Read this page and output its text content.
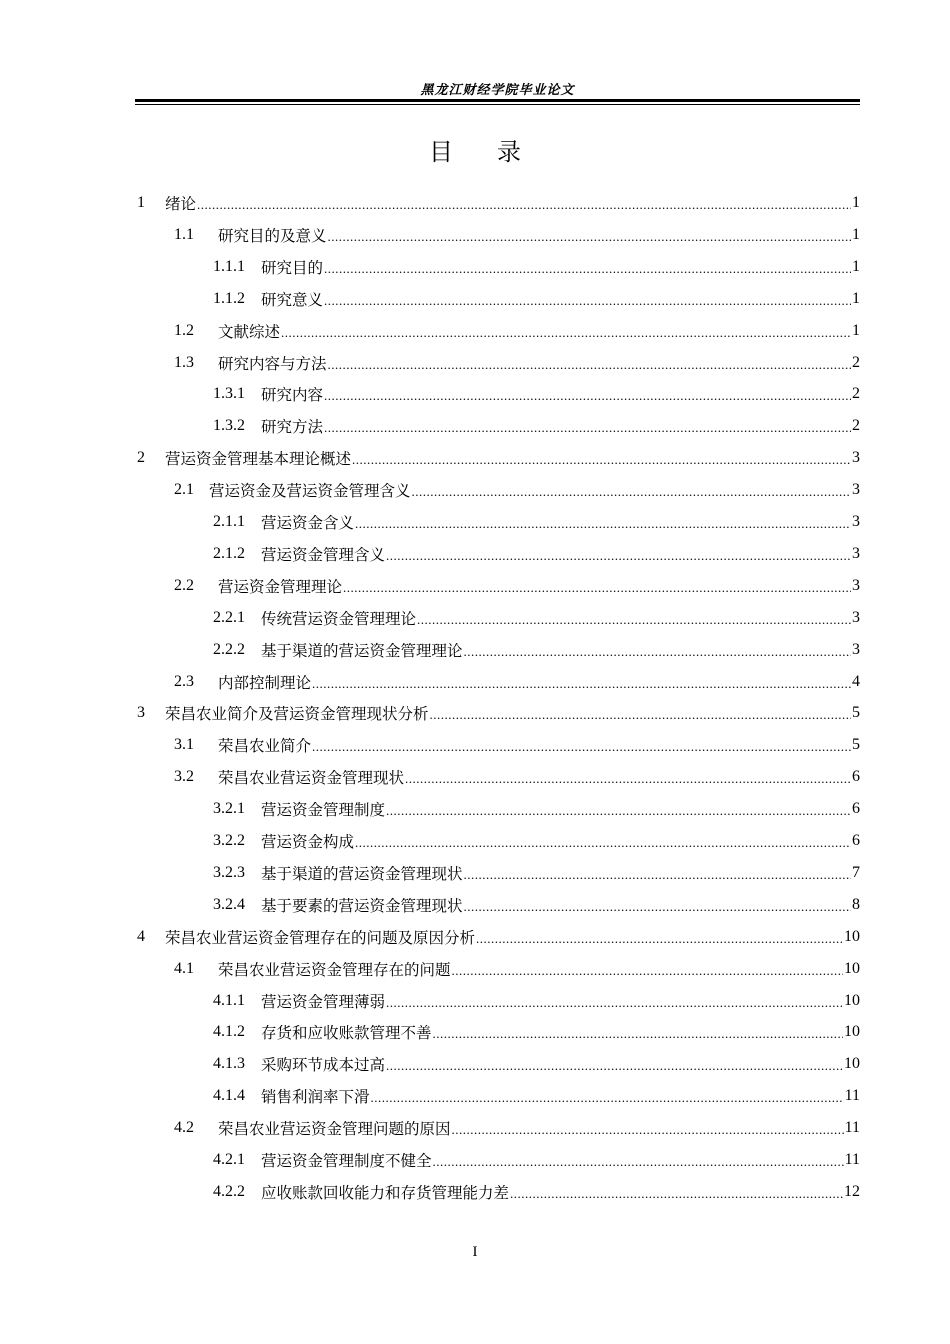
黑龙江财经学院毕业论文
目 录
1	绪论 .....	1
1.1	研究目的及意义 .....	1
1.1.1	研究目的 .....	1
1.1.2	研究意义 .....	1
1.2	文献综述 .....	1
1.3	研究内容与方法 .....	2
1.3.1	研究内容 .....	2
1.3.2	研究方法 .....	2
2	营运资金管理基本理论概述 .....	3
2.1 营运资金及营运资金管理含义 .....	3
2.1.1	营运资金含义 .....	3
2.1.2	营运资金管理含义 .....	3
2.2	营运资金管理理论 .....	3
2.2.1	传统营运资金管理理论 .....	3
2.2.2	基于渠道的营运资金管理理论 .....	3
2.3	内部控制理论 .....	4
3	荣昌农业简介及营运资金管理现状分析 .....	5
3.1	荣昌农业简介 .....	5
3.2	荣昌农业营运资金管理现状 .....	6
3.2.1	营运资金管理制度 .....	6
3.2.2	营运资金构成 .....	6
3.2.3	基于渠道的营运资金管理现状 .....	7
3.2.4	基于要素的营运资金管理现状 .....	8
4	荣昌农业营运资金管理存在的问题及原因分析 .....	10
4.1	荣昌农业营运资金管理存在的问题 .....	10
4.1.1	营运资金管理薄弱 .....	10
4.1.2	存货和应收账款管理不善 .....	10
4.1.3	采购环节成本过高 .....	10
4.1.4	销售利润率下滑 .....	11
4.2	荣昌农业营运资金管理问题的原因 .....	11
4.2.1	营运资金管理制度不健全 .....	11
4.2.2	应收账款回收能力和存货管理能力差 .....	12
I
